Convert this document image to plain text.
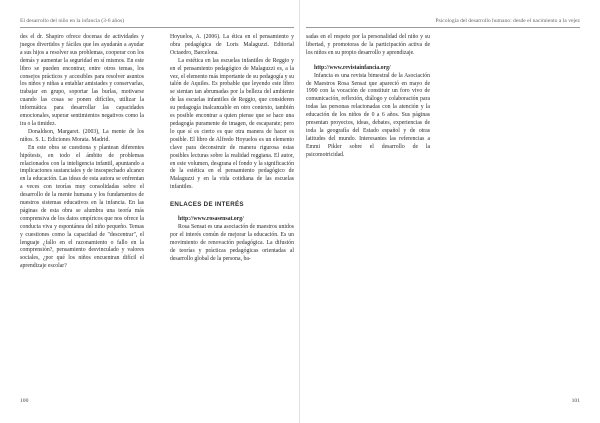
El desarrollo del niño en la infancia (3-6 años)

des el dr. Shapiro ofrece docenas de actividades y juegos divertidos y fáciles que les ayudarán a ayudar a sus hijos a resolver sus problemas, cooperar con los demás y aumentar la seguridad en sí mismos. En este libro se pueden encontrar, entre otros temas, los consejos prácticos y accesibles para resolver asuntos los niños y niñas a entablar amistades y conservarlas, trabajar en grupo, soportar las burlas, motivarse cuando las cosas se ponen difíciles, utilizar la informática para desarrollar las capacidades emocionales, superar sentimientos negativos como la ira o la timidez.

Donaldson, Margaret. (2003), La mente de los niños. S. L. Ediciones Morata. Madrid.

En este obra se cuestiona y plantean diferentes hipótesis, en todo el ámbito de problemas relacionados con la inteligencia infantil, apuntando a implicaciones sustanciales y de insospechado alcance en la educación. Las ideas de esta autora se enfrentan a veces con teorías muy consolidadas sobre el desarrollo de la mente humana y los fundamentos de nuestros sistemas educativos en la infancia. En las páginas de esta obra se alumbra una teoría más comprensiva de los datos empíricos que nos ofrece la conducta viva y espontánea del niño pequeño. Temas y cuestiones como la capacidad de "descentrar", el lenguaje ¿fallo en el razonamiento o fallo en la comprensión?, pensamiento desvinculado y valores sociales, ¿por qué los niños encuentran difícil el aprendizaje escolar?

Hoyuelos, A. (2006). La ética en el pensamiento y obra pedagógica de Loris Malaguzzi. Editorial Octaedro, Barcelona.

La estética en las escuelas infantiles de Reggio y en el pensamiento pedagógico de Malaguzzi es, a la vez, el elemento más importante de su pedagogía y su talón de Aquiles. Es probable que leyendo este libro se sientan tan abrumadas por la belleza del ambiente de las escuelas infantiles de Reggio, que consideren su pedagogía inalcanzable en otro contexto, también es posible encontrar a quien piense que se hace una pedagogía puramente de imagen, de escaparate; pero lo que sí es cierto es que otra manera de hacer es posible. El libro de Alfredo Hoyuelos es un elemento clave para deconstruir de manera rigurosa estas posibles lecturas sobre la realidad reggiana. El autor, en este volumen, desgrana el fondo y la significación de la estética en el pensamiento pedagógico de Malaguzzi y en la vida cotidiana de las escuelas infantiles.

ENLACES DE INTERÉS

http://www.rosasensat.org/

Rosa Sensat es una asociación de maestros unidos por el interés común de mejorar la educación. Es un movimiento de renovación pedagógica. La difusión de teorías y prácticas pedagógicas orientadas al desarrollo global de la persona, ba-

100
Psicología del desarrollo humano: desde el nacimiento a la vejez

sadas en el respeto por la personalidad del niño y su libertad, y promotoras de la participación activa de los niños en su propio desarrollo y aprendizaje.

http://www.revistainfancia.org/

Infancia es una revista bimestral de la Asociación de Maestros Rosa Sensat que apareció en mayo de 1990 con la vocación de constituir un foro vivo de comunicación, reflexión, diálogo y colaboración para todas las personas relacionadas con la atención y la educación de los niños de 0 a 6 años. Sus páginas presentan proyectos, ideas, debates, experiencias de toda la geografía del Estado español y de otras latitudes del mundo. Interesantes las referencias a Emmi Pikler sobre el desarrollo de la psicomotricidad.

101
